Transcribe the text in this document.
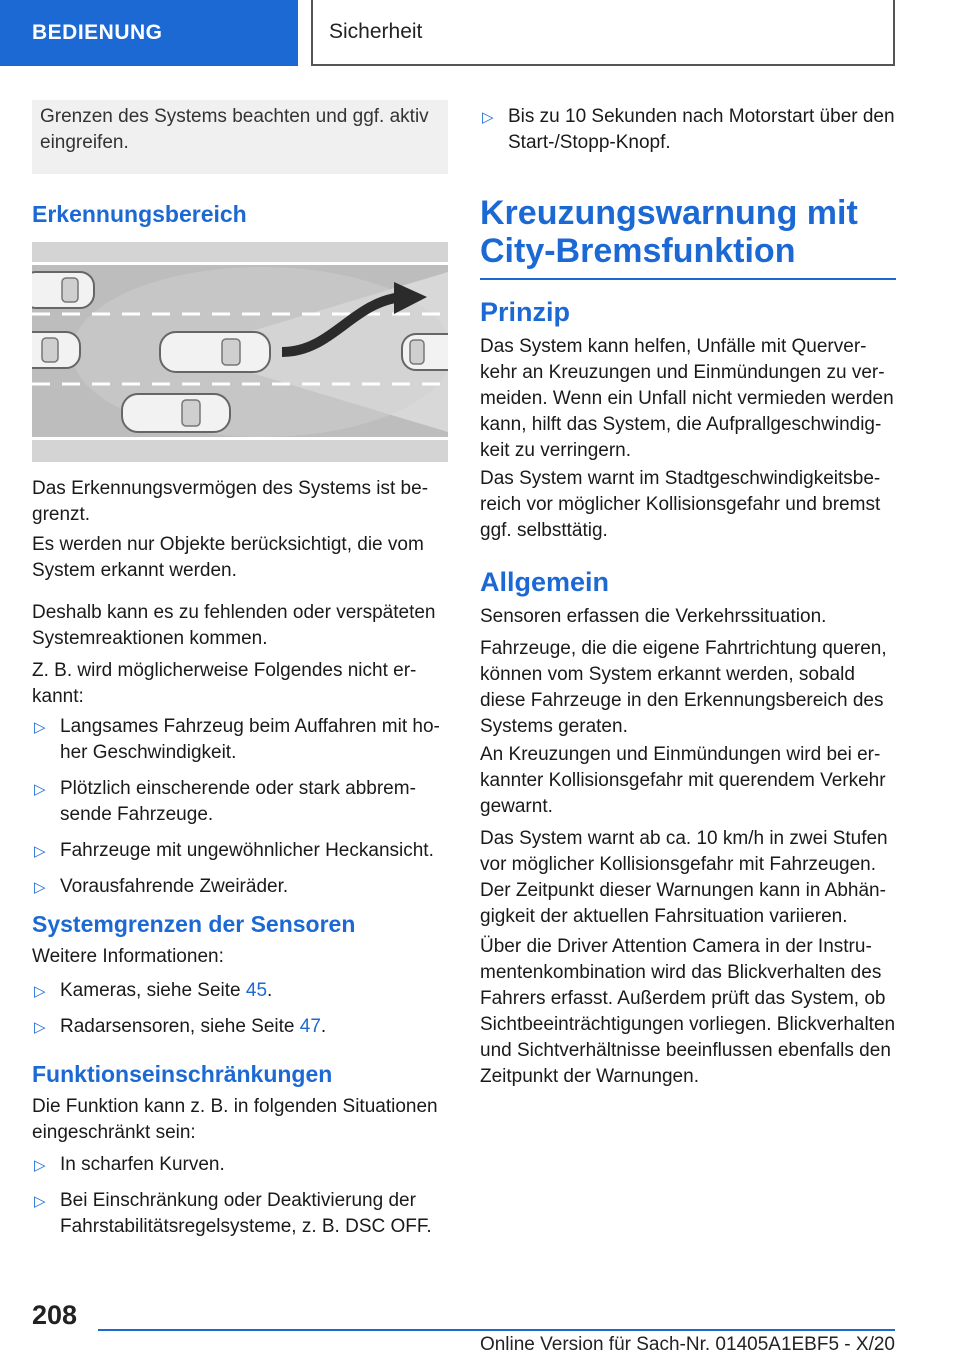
BEDIENUNG	Sicherheit
Grenzen des Systems beachten und ggf. aktiv eingreifen.
Erkennungsbereich

Das Erkennungsvermögen des Systems ist begrenzt.

Es werden nur Objekte berücksichtigt, die vom System erkannt werden.

Deshalb kann es zu fehlenden oder verspäteten Systemreaktionen kommen.

Z. B. wird möglicherweise Folgendes nicht erkannt:

▷ Langsames Fahrzeug beim Auffahren mit hoher Geschwindigkeit.
▷ Plötzlich einscherende oder stark abbremsende Fahrzeuge.
▷ Fahrzeuge mit ungewöhnlicher Heckansicht.
▷ Vorausfahrende Zweiräder.
Systemgrenzen der Sensoren

Weitere Informationen:

▷ Kameras, siehe Seite 45.
▷ Radarsensoren, siehe Seite 47.
Funktionseinschränkungen

Die Funktion kann z. B. in folgenden Situationen eingeschränkt sein:

▷ In scharfen Kurven.
▷ Bei Einschränkung oder Deaktivierung der Fahrstabilitätsregelsysteme, z. B. DSC OFF.
▷ Bis zu 10 Sekunden nach Motorstart über den Start-/Stopp-Knopf.
Kreuzungswarnung mit City-Bremsfunktion
Prinzip

Das System kann helfen, Unfälle mit Querverkehr an Kreuzungen und Einmündungen zu vermeiden. Wenn ein Unfall nicht vermieden werden kann, hilft das System, die Aufprallgeschwindigkeit zu verringern.

Das System warnt im Stadtgeschwindigkeitsbereich vor möglicher Kollisionsgefahr und bremst ggf. selbsttätig.

Allgemein

Sensoren erfassen die Verkehrssituation.

Fahrzeuge, die die eigene Fahrtrichtung queren, können vom System erkannt werden, sobald diese Fahrzeuge in den Erkennungsbereich des Systems geraten.

An Kreuzungen und Einmündungen wird bei erkannter Kollisionsgefahr mit querendem Verkehr gewarnt.

Das System warnt ab ca. 10 km/h in zwei Stufen vor möglicher Kollisionsgefahr mit Fahrzeugen. Der Zeitpunkt dieser Warnungen kann in Abhängigkeit der aktuellen Fahrsituation variieren.

Über die Driver Attention Camera in der Instrumentenkombination wird das Blickverhalten des Fahrers erfasst. Außerdem prüft das System, ob Sichtbeeinträchtigungen vorliegen. Blickverhalten und Sichtverhältnisse beeinflussen ebenfalls den Zeitpunkt der Warnungen.

208
Online Version für Sach-Nr. 01405A1EBF5 - X/20
